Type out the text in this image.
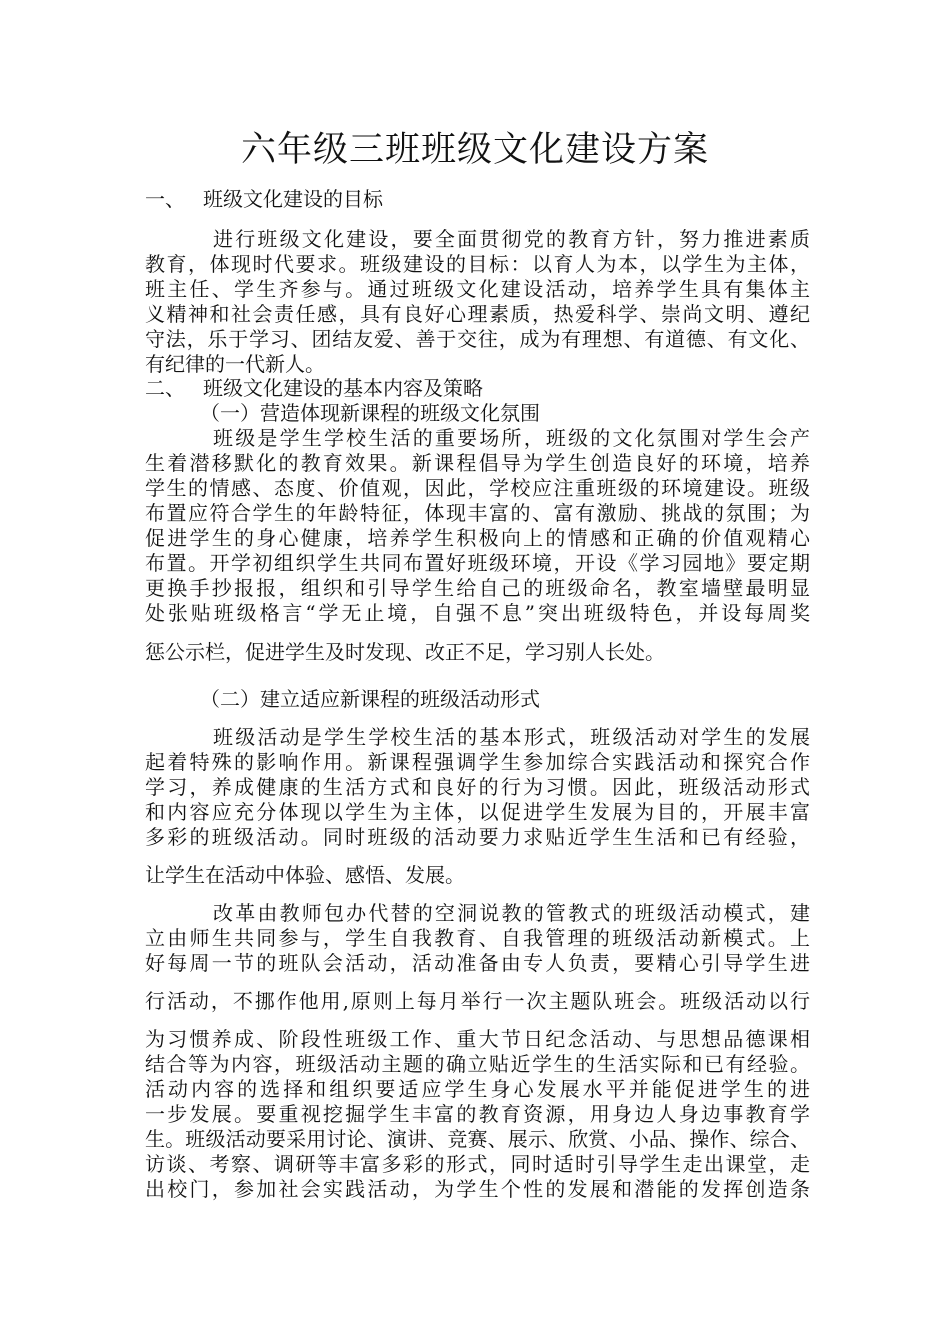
六年级三班班级文化建设方案
一、 班级文化建设的目标
进行班级文化建设，要全面贯彻党的教育方针，努力推进素质
教育，体现时代要求。班级建设的目标：以育人为本，以学生为主体，
班主任、学生齐参与。通过班级文化建设活动，培养学生具有集体主
义精神和社会责任感，具有良好心理素质，热爱科学、崇尚文明、遵纪
守法，乐于学习、团结友爱、善于交往，成为有理想、有道德、有文化、
有纪律的一代新人。
二、 班级文化建设的基本内容及策略
（一）营造体现新课程的班级文化氛围
班级是学生学校生活的重要场所，班级的文化氛围对学生会产
生着潜移默化的教育效果。新课程倡导为学生创造良好的环境，培养
学生的情感、态度、价值观，因此，学校应注重班级的环境建设。班级
布置应符合学生的年龄特征，体现丰富的、富有激励、挑战的氛围；为
促进学生的身心健康，培养学生积极向上的情感和正确的价值观精心
布置。开学初组织学生共同布置好班级环境，开设《学习园地》要定期
更换手抄报报，组织和引导学生给自己的班级命名，教室墙壁最明显
处张贴班级格言“学无止境，自强不息”突出班级特色，并设每周奖
惩公示栏，促进学生及时发现、改正不足，学习别人长处。
（二）建立适应新课程的班级活动形式
班级活动是学生学校生活的基本形式，班级活动对学生的发展
起着特殊的影响作用。新课程强调学生参加综合实践活动和探究合作
学习，养成健康的生活方式和良好的行为习惯。因此，班级活动形式
和内容应充分体现以学生为主体，以促进学生发展为目的，开展丰富
多彩的班级活动。同时班级的活动要力求贴近学生生活和已有经验，
让学生在活动中体验、感悟、发展。
改革由教师包办代替的空洞说教的管教式的班级活动模式，建
立由师生共同参与，学生自我教育、自我管理的班级活动新模式。上
好每周一节的班队会活动，活动准备由专人负责，要精心引导学生进
行活动，不挪作他用,原则上每月举行一次主题队班会。班级活动以行
为习惯养成、阶段性班级工作、重大节日纪念活动、与思想品德课相
结合等为内容，班级活动主题的确立贴近学生的生活实际和已有经验。
活动内容的选择和组织要适应学生身心发展水平并能促进学生的进
一步发展。要重视挖掘学生丰富的教育资源，用身边人身边事教育学
生。班级活动要采用讨论、演讲、竞赛、展示、欣赏、小品、操作、综合、
访谈、考察、调研等丰富多彩的形式，同时适时引导学生走出课堂，走
出校门，参加社会实践活动，为学生个性的发展和潜能的发挥创造条
